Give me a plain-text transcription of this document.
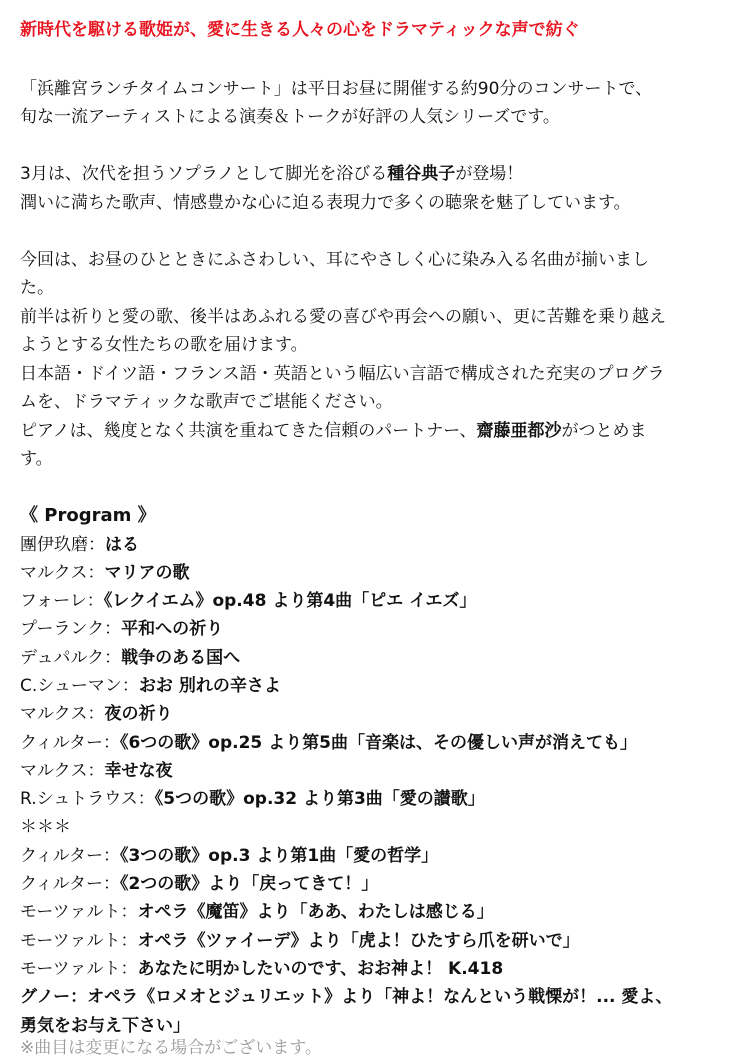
新時代を駆ける歌姫が、愛に生きる人々の心をドラマティックな声で紡ぐ

「浜離宮ランチタイムコンサート」は平日お昼に開催する約90分のコンサートで、
旬な一流アーティストによる演奏＆トークが好評の人気シリーズです。

3月は、次代を担うソプラノとして脚光を浴びる種谷典子が登場！
潤いに満ちた歌声、情感豊かな心に迫る表現力で多くの聴衆を魅了しています。

今回は、お昼のひとときにふさわしい、耳にやさしく心に染み入る名曲が揃いまし
た。
前半は祈りと愛の歌、後半はあふれる愛の喜びや再会への願い、更に苦難を乗り越え
ようとする女性たちの歌を届けます。
日本語・ドイツ語・フランス語・英語という幅広い言語で構成された充実のプログラ
ムを、ドラマティックな歌声でご堪能ください。
ピアノは、幾度となく共演を重ねてきた信頼のパートナー、齋藤亜都沙がつとめま
す。

《 Program 》

團伊玖磨：はる
マルクス：マリアの歌
フォーレ：《レクイエム》op.48 より第4曲「ピエ イエズ」
プーランク：平和への祈り
デュパルク：戦争のある国へ
C.シューマン：おお 別れの辛さよ
マルクス：夜の祈り
クィルター：《6つの歌》op.25 より第5曲「音楽は、その優しい声が消えても」
マルクス：幸せな夜
R.シュトラウス：《5つの歌》op.32 より第3曲「愛の讃歌」
＊＊＊
クィルター：《3つの歌》op.3 より第1曲「愛の哲学」
クィルター：《2つの歌》より「戻ってきて！」
モーツァルト：オペラ《魔笛》より「ああ、わたしは感じる」
モーツァルト：オペラ《ツァイーデ》より「虎よ！ひたすら爪を研いで」
モーツァルト：あなたに明かしたいのです、おお神よ！ K.418
グノー：オペラ《ロメオとジュリエット》より「神よ！なんという戦慄が！... 愛よ、
勇気をお与え下さい」
※曲目は変更になる場合がございます。
